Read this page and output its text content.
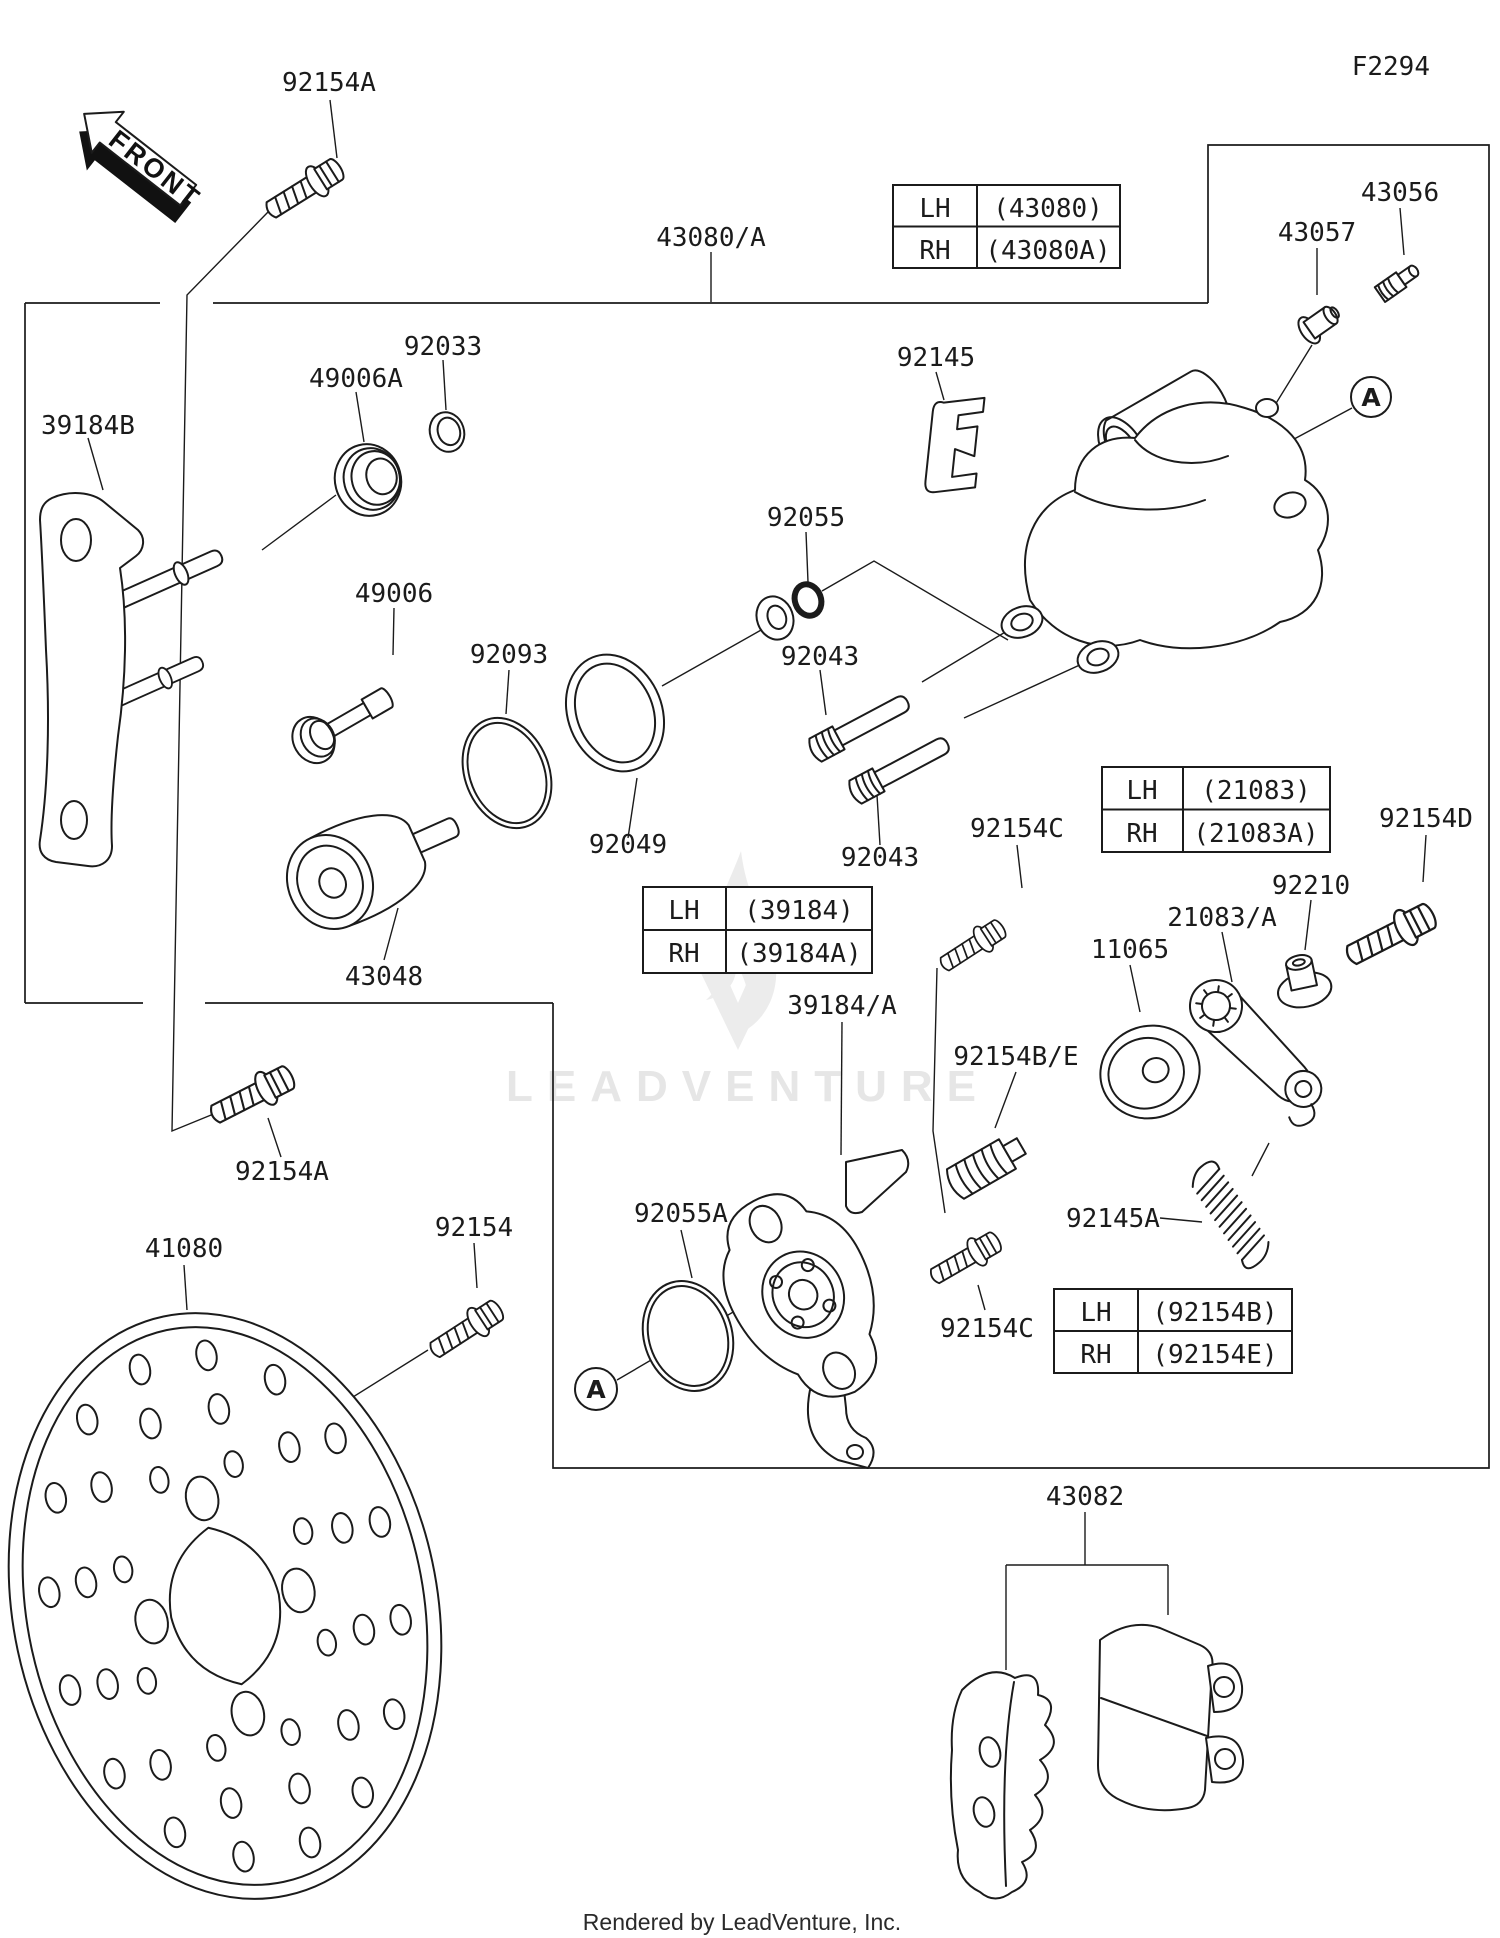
LEADVENTURE
F2294
FRONT
A
A
LH (43080)
RH (43080A)
LH (21083)
RH (21083A)
LH (39184)
RH (39184A)
LH (92154B)
RH (92154E)
92154A
43080/A	43057
43056
92145
92033
49006A
39184B
92055
92043
49006
92093
92049
43048
92043
92154C	92154D
92210
21083/A
11065
39184/A
92154B/E
92154A
41080
92154	92055A	92145A
92154C
43082
Rendered by LeadVenture, Inc.
